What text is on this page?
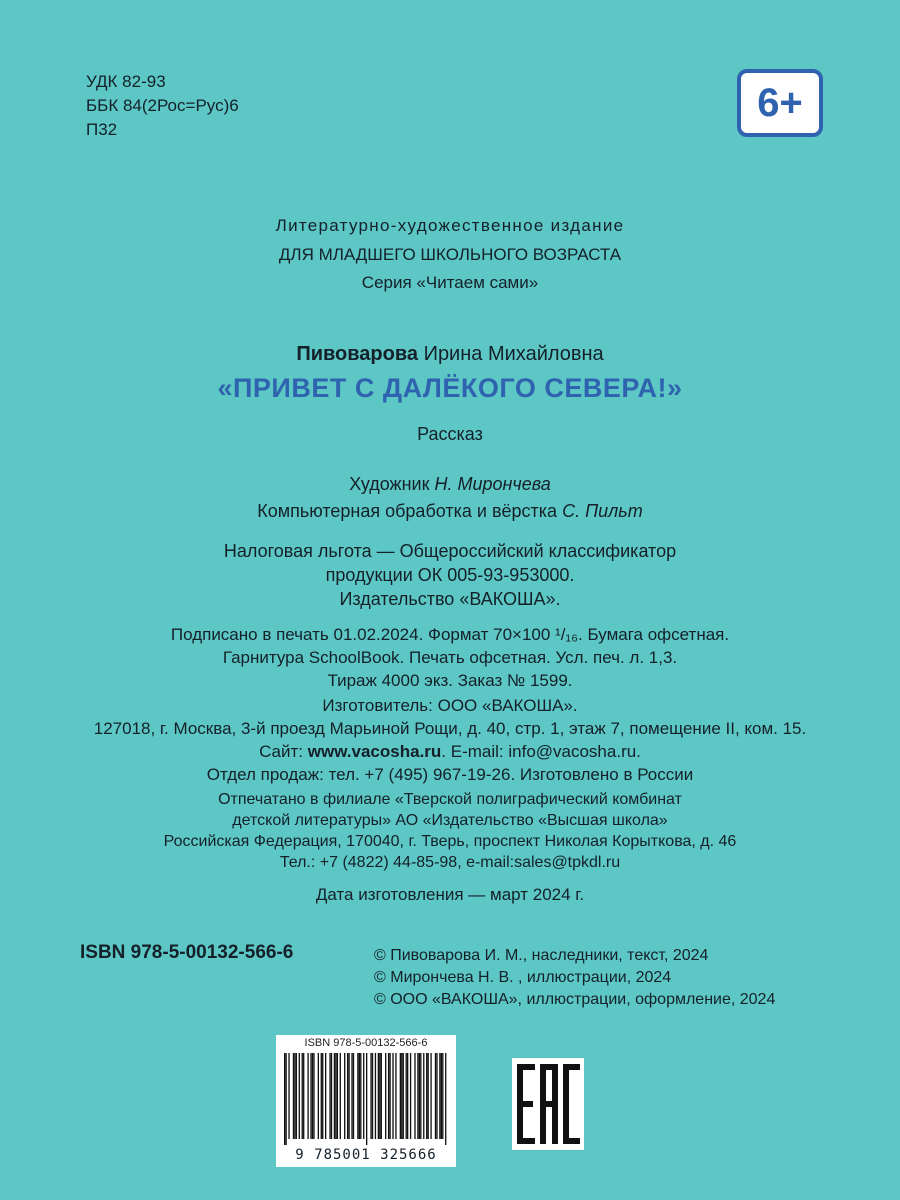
УДК 82-93
ББК 84(2Рос=Рус)6
П32
6+
Литературно-художественное издание
ДЛЯ МЛАДШЕГО ШКОЛЬНОГО ВОЗРАСТА
Серия «Читаем сами»
Пивоварова Ирина Михайловна
«ПРИВЕТ С ДАЛЁКОГО СЕВЕРА!»
Рассказ
Художник Н. Мирончева
Компьютерная обработка и вёрстка С. Пильт
Налоговая льгота — Общероссийский классификатор
продукции ОК 005-93-953000.
Издательство «ВАКОША».
Подписано в печать 01.02.2024. Формат 70×100 ¹/₁₆. Бумага офсетная.
Гарнитура SchoolBook. Печать офсетная. Усл. печ. л. 1,3.
Тираж 4000 экз. Заказ № 1599.
Изготовитель: ООО «ВАКОША».
127018, г. Москва, 3-й проезд Марьиной Рощи, д. 40, стр. 1, этаж 7, помещение II, ком. 15.
Сайт: www.vacosha.ru. E-mail: info@vacosha.ru.
Отдел продаж: тел. +7 (495) 967-19-26. Изготовлено в России
Отпечатано в филиале «Тверской полиграфический комбинат
детской литературы» АО «Издательство «Высшая школа»
Российская Федерация, 170040, г. Тверь, проспект Николая Корыткова, д. 46
Тел.: +7 (4822) 44-85-98, e-mail:sales@tpkdl.ru
Дата изготовления — март 2024 г.
ISBN 978-5-00132-566-6	© Пивоварова И. М., наследники, текст, 2024
© Мирончева Н. В. , иллюстрации, 2024
© ООО «ВАКОША», иллюстрации, оформление, 2024
ISBN 978-5-00132-566-6
9 785001 325666
